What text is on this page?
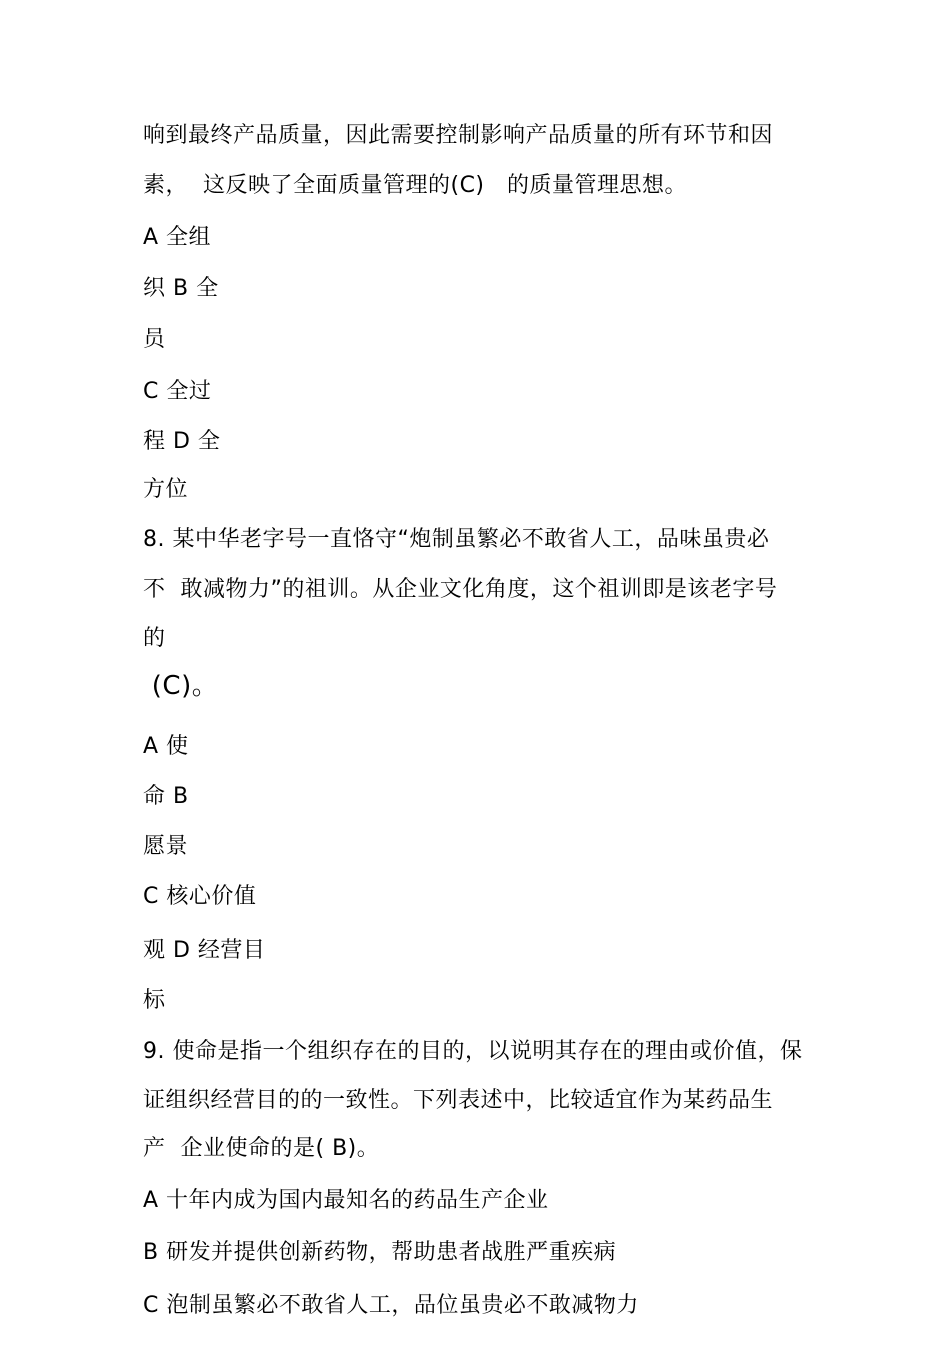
响到最终产品质量，因此需要控制影响产品质量的所有环节和因
素，  这反映了全面质量管理的(C)   的质量管理思想。
A 全组
织 B 全
员
C 全过
程 D 全
方位
8. 某中华老字号一直恪守“炮制虽繁必不敢省人工，品味虽贵必
不  敢减物力”的祖训。从企业文化角度，这个祖训即是该老字号
的
(C)。
A 使
命 B
愿景
C 核心价值
观 D 经营目
标
9. 使命是指一个组织存在的目的，以说明其存在的理由或价值，保
证组织经营目的的一致性。下列表述中，比较适宜作为某药品生
产  企业使命的是( B)。
A 十年内成为国内最知名的药品生产企业
B 研发并提供创新药物，帮助患者战胜严重疾病
C 泡制虽繁必不敢省人工，品位虽贵必不敢减物力
